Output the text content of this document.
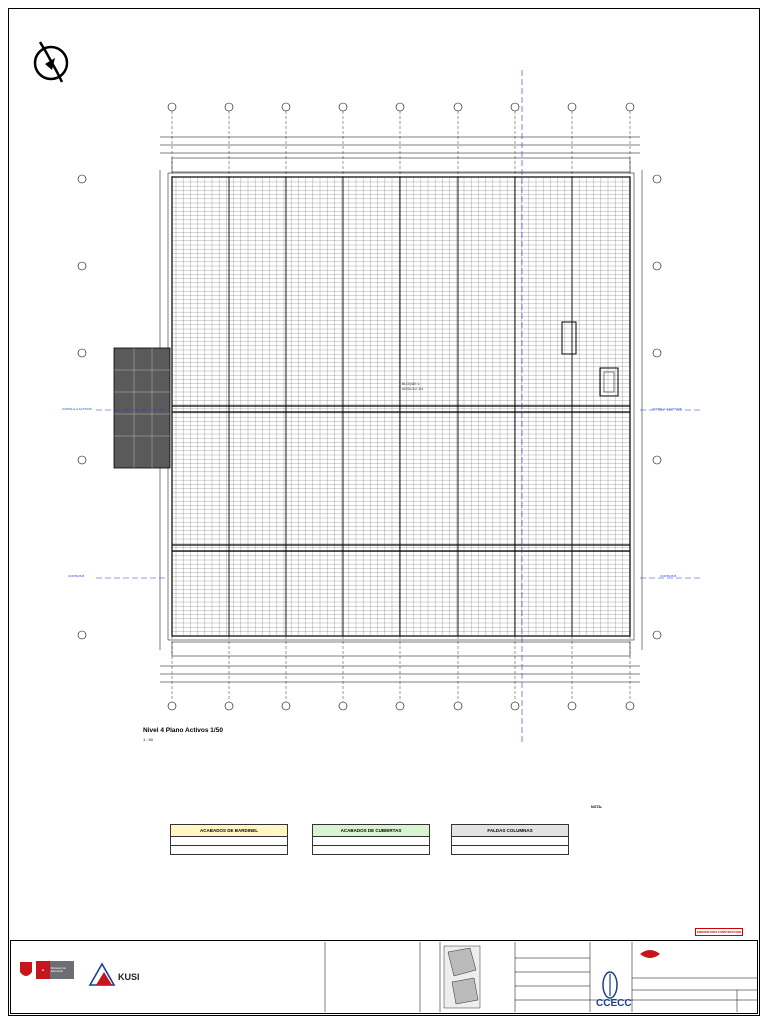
CORTE A-A ACTIVOS	CORTE A-A ACTIVOS
CORTE B-B	CORTE B-B
BLOQUE 1
MODULO 3/4
Nivel 4 Plano Activos 1/50
1 : 50
ACABADOS DE BARDINEL	ACABADOS DE CUBIERTAS	FALDAS COLUMNAS
NOTA:
EMISION PARA CONSTRUCCION
■	Ministerio de Educación
KUSI
CCECC
